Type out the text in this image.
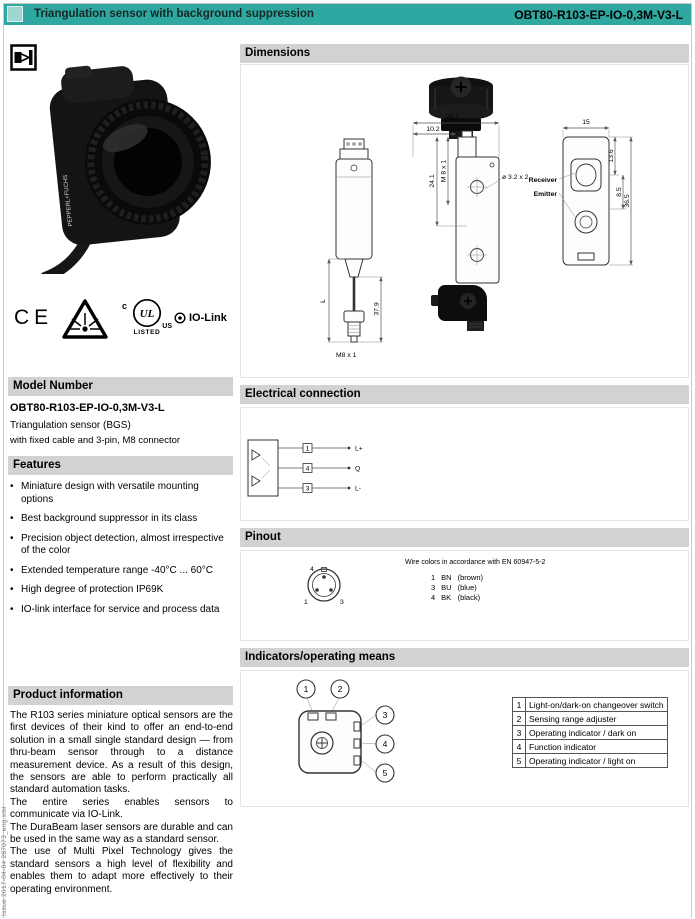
Triangulation sensor with background suppression	OBT80-R103-EP-IO-0,3M-V3-L
Issue 2017-04-04 287073_eng.xml
PEPPERL+FUCHS
CE	c
UL
US
LISTED
IO-Link
Model Number
OBT80-R103-EP-IO-0,3M-V3-L
Triangulation sensor (BGS)
with fixed cable and 3-pin, M8 connector
Features
• Miniature design with versatile mounting options
• Best background suppressor in its class
• Precision object detection, almost irrespective of the color
• Extended temperature range -40°C ... 60°C
• High degree of protection IP69K
• IO-link interface for service and process data
Product information

The R103 series miniature optical sensors are the first devices of their kind to offer an end-to-end solution in a small single standard design — from thru-beam sensor through to a distance measurement device. As a result of this design, the sensors are able to perform practically all standard automation tasks.

The entire series enables sensors to communicate via IO-Link.

The DuraBeam laser sensors are durable and can be used in the same way as a standard sensor.

The use of Multi Pixel Technology gives the standard sensors a high level of flexibility and enables them to adapt more effectively to their operating environment.

Dimensions
L
37.9
M8 x 1
26.7
10.2
24.1 M 8 x 1	ø 3.2 x 2
15
Receiver
Emitter
13.6
8.5
36.5
Electrical connection
1	L+
4	Q
3	L-
Pinout
4
1	3
Wire colors in accordance with EN 60947-5-2
1	BN	(brown)
3	BU	(blue)
4	BK	(black)
Indicators/operating means
1	2
3
4
5
1	Light-on/dark-on changeover switch
2	Sensing range adjuster
3	Operating indicator / dark on
4	Function indicator
5	Operating indicator / light on
